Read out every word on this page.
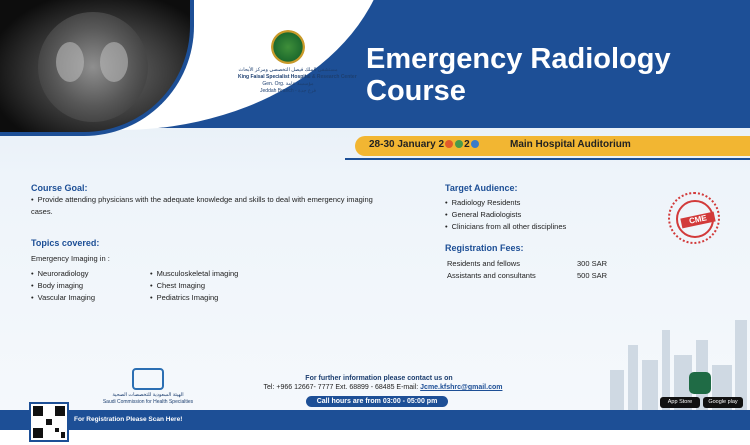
مستشفى الملك فيصل التخصصي ومركز الأبحاث
King Faisal Specialist Hospital & Research Center
Gen. Org. مؤسسة عامة
Jeddah Branch - فرع جدة
Emergency Radiology
Course
28-30 January 2 2	Main Hospital Auditorium
Course Goal:
• Provide attending physicians with the adequate knowledge and skills to deal with emergency imaging cases.
Topics covered:
Emergency Imaging in :
• Neuroradiology
• Body imaging
• Vascular Imaging
• Musculoskeletal imaging
• Chest Imaging
• Pediatrics Imaging
Target Audience:
• Radiology Residents
• General Radiologists
• Clinicians from all other disciplines
Registration Fees:
Residents and fellows	300 SAR
Assistants and consultants	500 SAR
CME
الهيئة السعودية للتخصصات الصحية
Saudi Commission for Health Specialties
For further information please contact us on
Tel: +966 12667- 7777 Ext. 68899 - 68485 E-mail: Jcme.kfshrc@gmail.com
Call hours are from 03:00 - 05:00 pm
For Registration Please Scan Here!
App Store	Google play
